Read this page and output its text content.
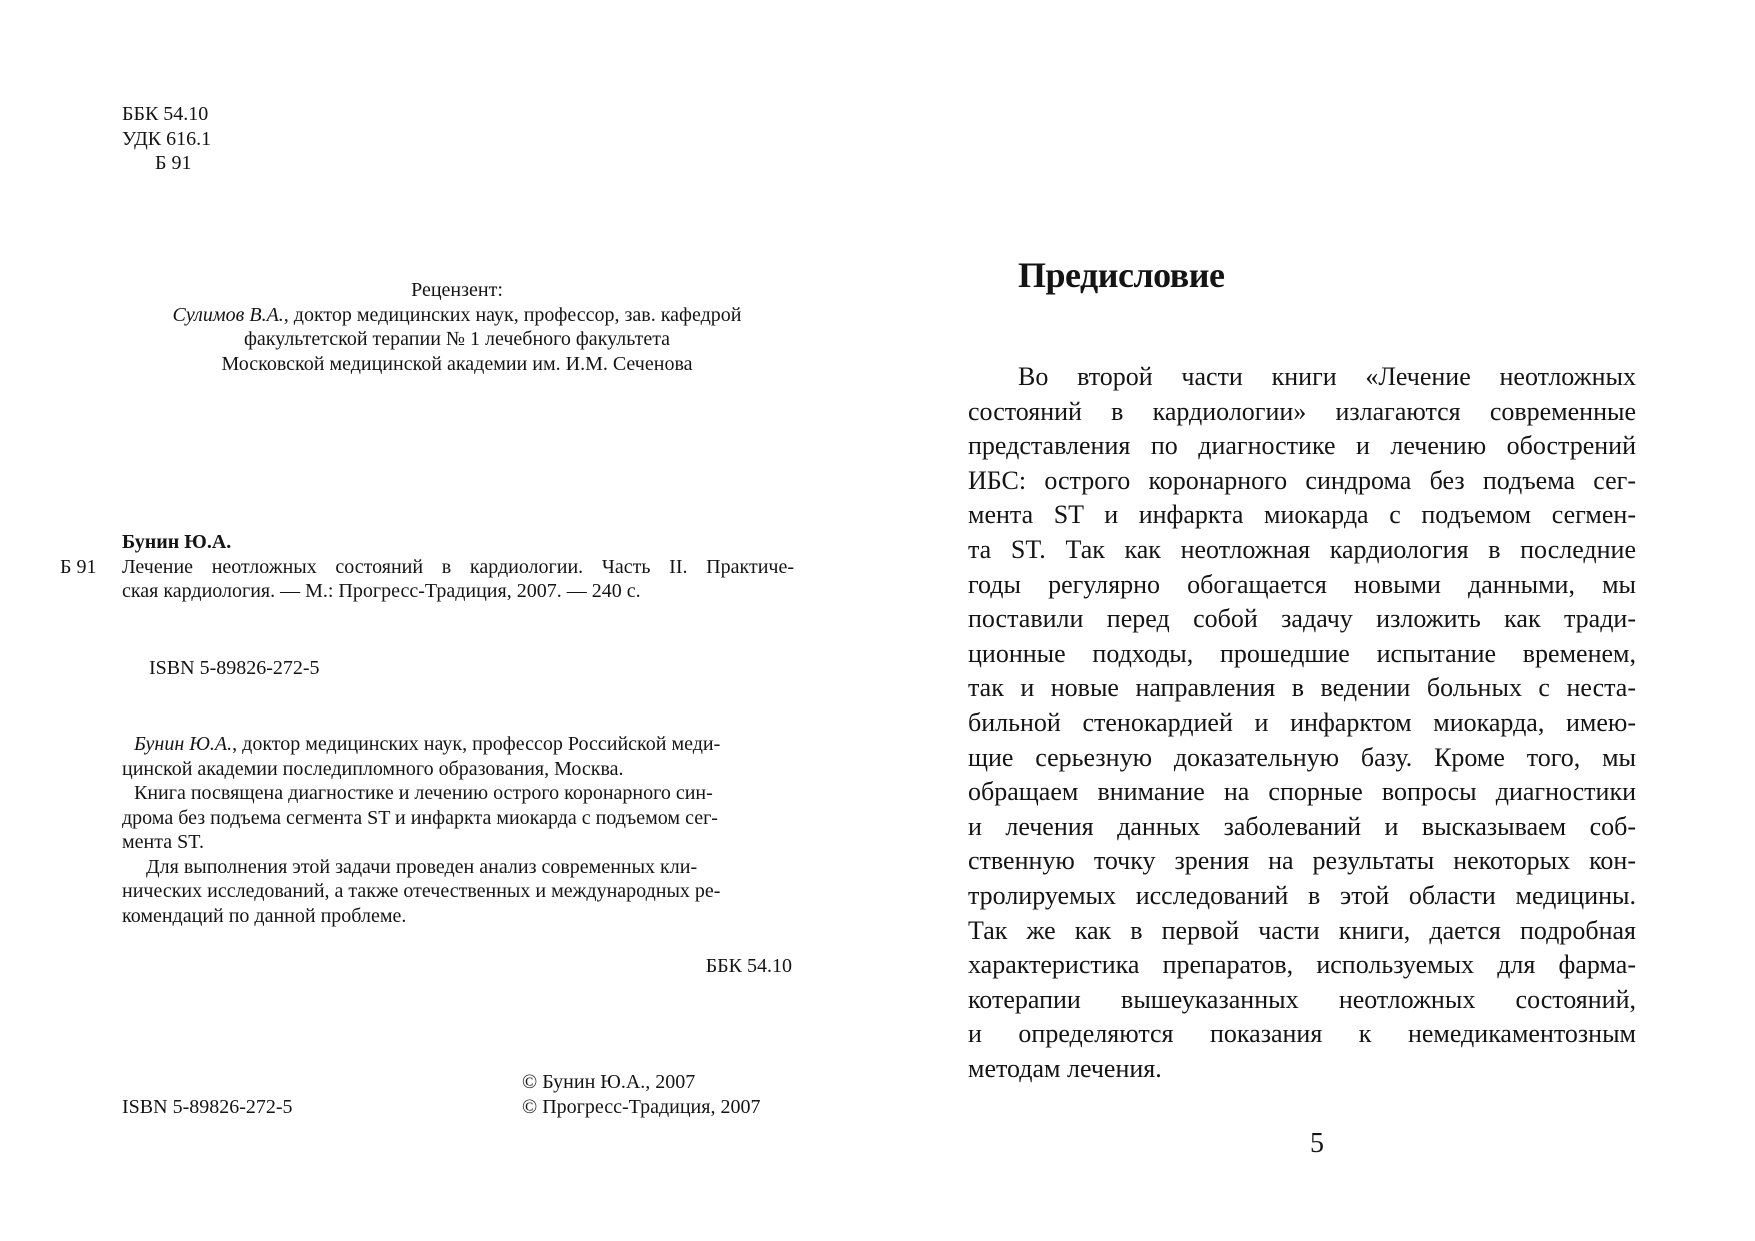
ББК 54.10
УДК 616.1
Б 91
Рецензент:
Сулимов В.А., доктор медицинских наук, профессор, зав. кафедрой
факультетской терапии № 1 лечебного факультета
Московской медицинской академии им. И.М. Сеченова
Бунин Ю.А.
Б 91 Лечение неотложных состояний в кардиологии. Часть II. Практиче-
ская кардиология. — М.: Прогресс-Традиция, 2007. — 240 с.
ISBN 5-89826-272-5

Бунин Ю.А., доктор медицинских наук, профессор Российской меди-
цинской академии последипломного образования, Москва.

Книга посвящена диагностике и лечению острого коронарного син-
дрома без подъема сегмента ST и инфаркта миокарда с подъемом сег-
мента ST.

Для выполнения этой задачи проведен анализ современных кли-
нических исследований, а также отечественных и международных ре-
комендаций по данной проблеме.

ББК 54.10
ISBN 5-89826-272-5
© Бунин Ю.А., 2007
© Прогресс-Традиция, 2007
Предисловие

Во второй части книги «Лечение неотложных
состояний в кардиологии» излагаются современные
представления по диагностике и лечению обострений
ИБС: острого коронарного синдрома без подъема сег-
мента ST и инфаркта миокарда с подъемом сегмен-
та ST. Так как неотложная кардиология в последние
годы регулярно обогащается новыми данными, мы
поставили перед собой задачу изложить как тради-
ционные подходы, прошедшие испытание временем,
так и новые направления в ведении больных с неста-
бильной стенокардией и инфарктом миокарда, имею-
щие серьезную доказательную базу. Кроме того, мы
обращаем внимание на спорные вопросы диагностики
и лечения данных заболеваний и высказываем соб-
ственную точку зрения на результаты некоторых кон-
тролируемых исследований в этой области медицины.
Так же как в первой части книги, дается подробная
характеристика препаратов, используемых для фарма-
котерапии вышеуказанных неотложных состояний,
и определяются показания к немедикаментозным
методам лечения.

5
